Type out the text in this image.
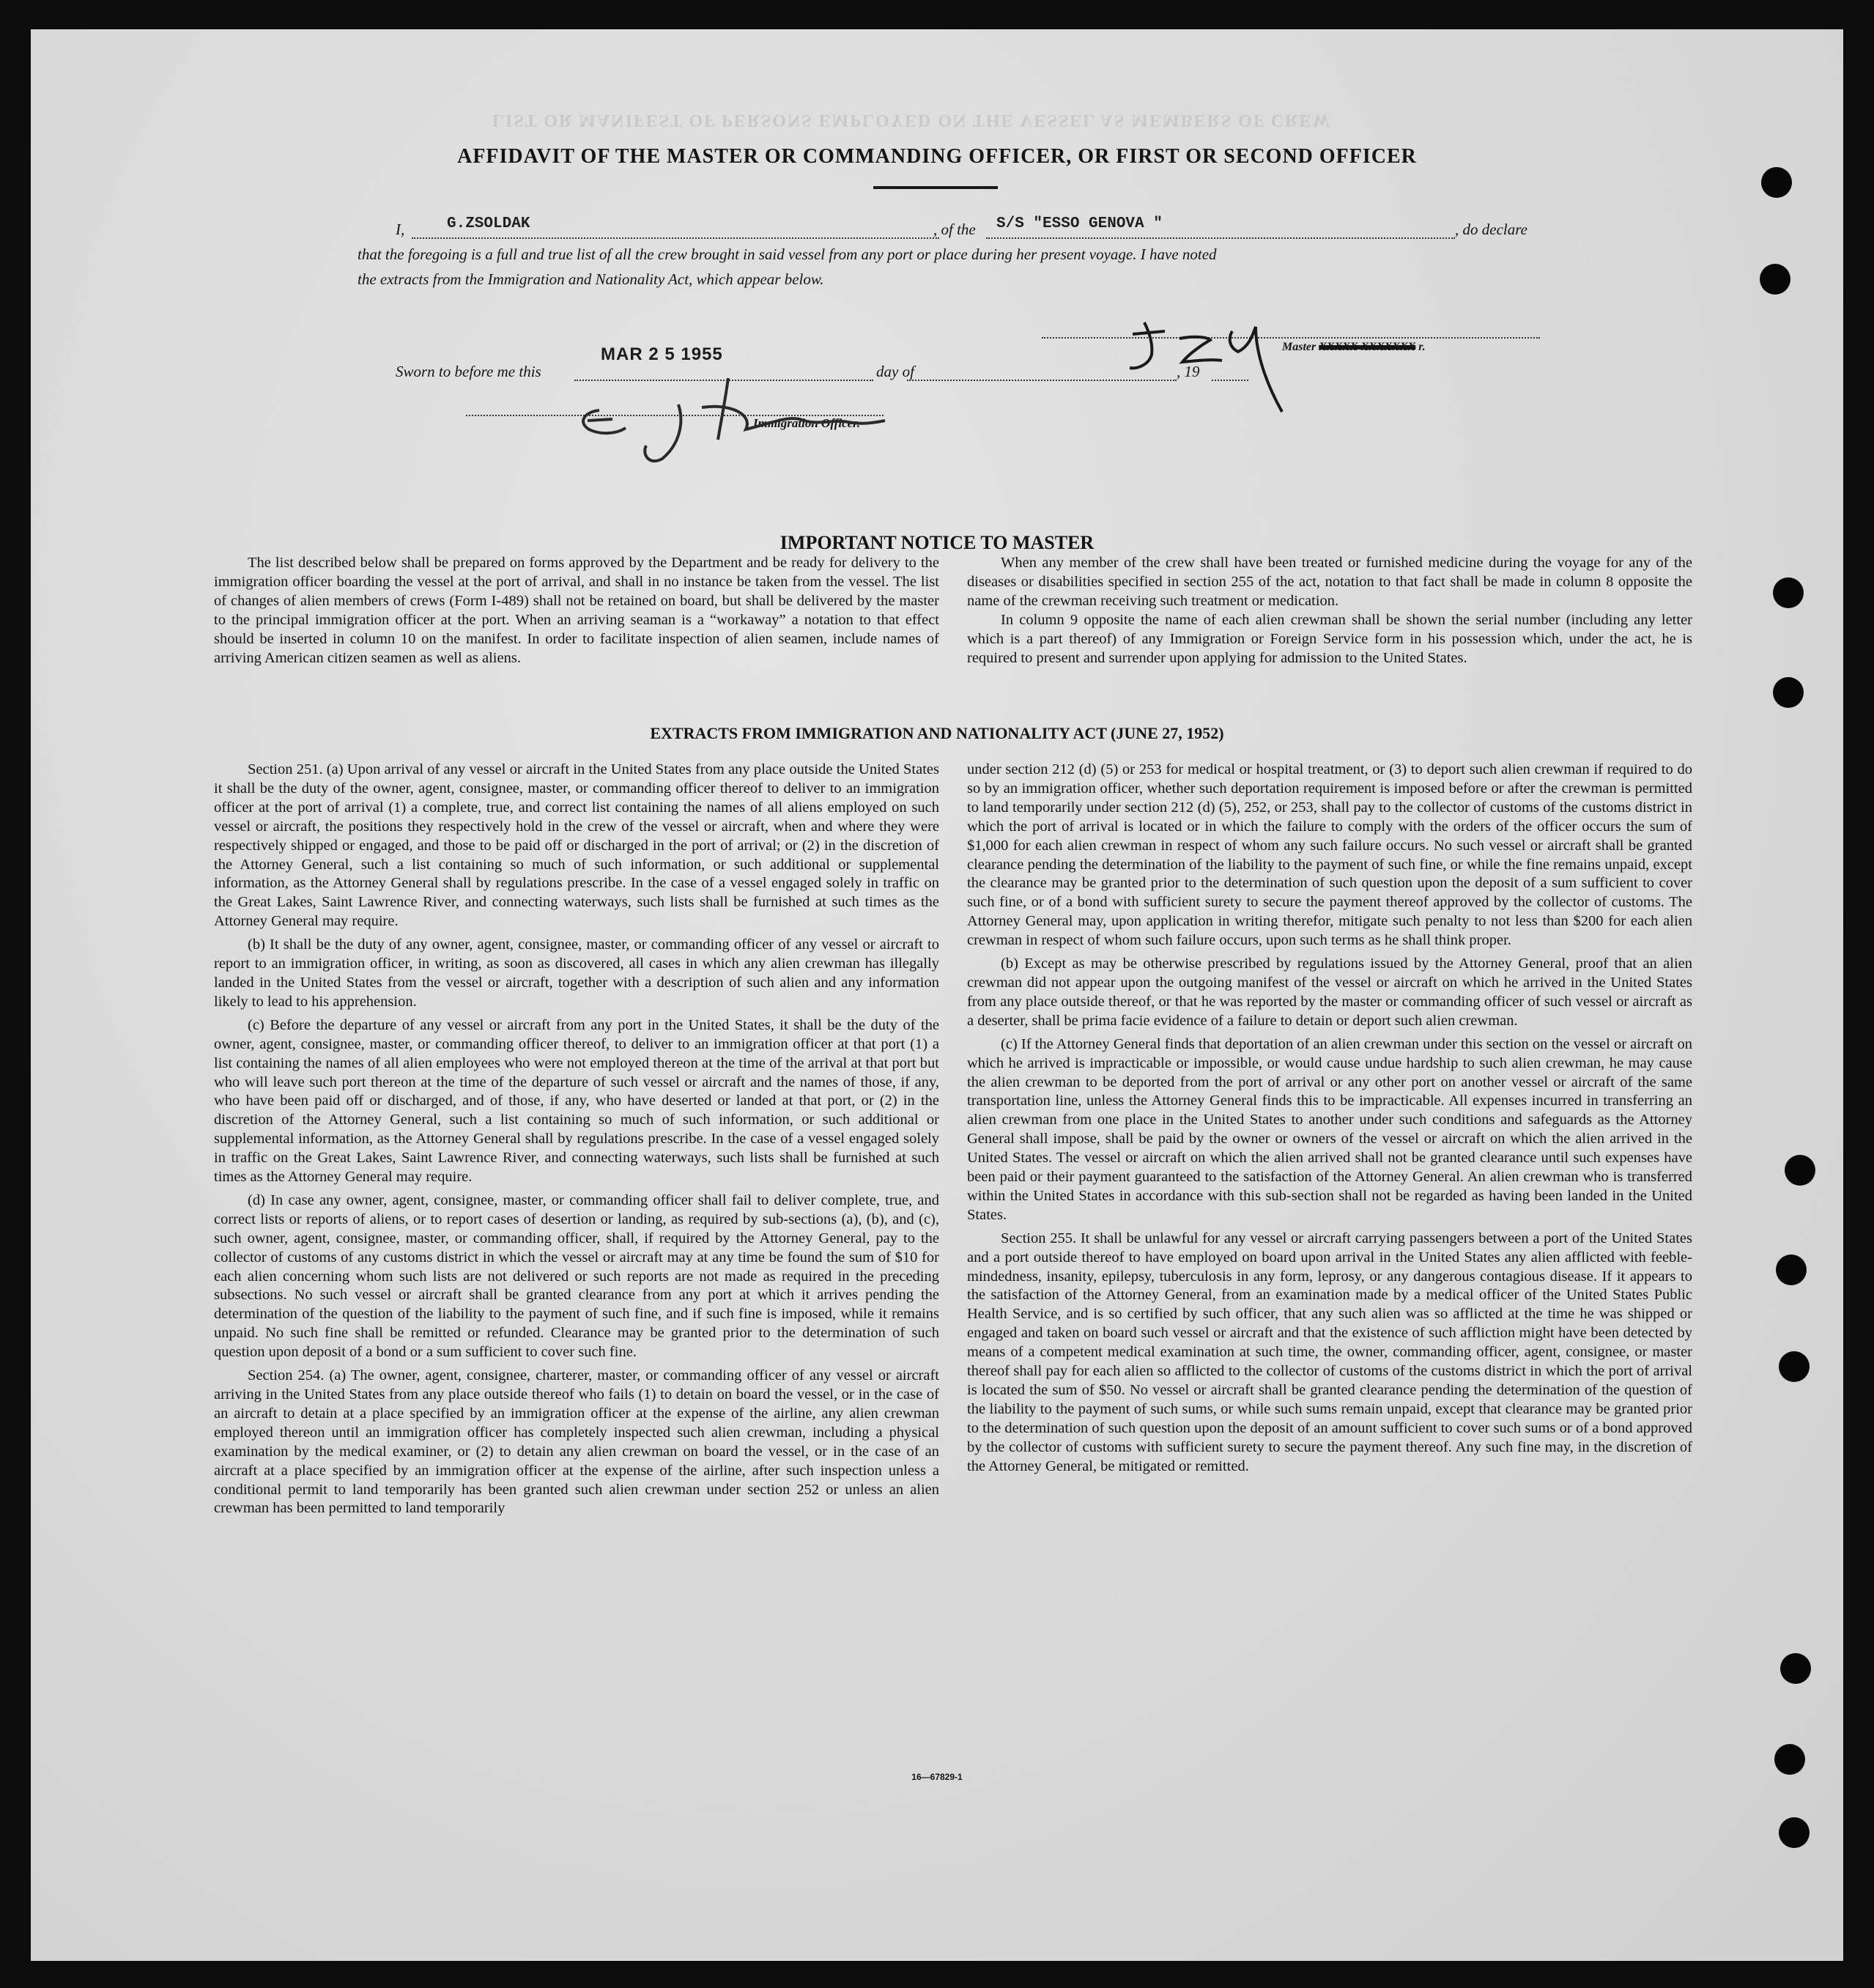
LIST OR MANIFEST OF PERSONS EMPLOYED ON THE VESSEL AS MEMBERS OF CREW
AFFIDAVIT OF THE MASTER OR COMMANDING OFFICER, OR FIRST OR SECOND OFFICER
I,	G.ZSOLDAK	, of the S/S "ESSO GENOVA "	, do declare
that the foregoing is a full and true list of all the crew brought in said vessel from any port or place during her present voyage. I have noted
the extracts from the Immigration and Nationality Act, which appear below.
MAR 2 5 1955
Sworn to before me this	day of	, 19
Master XXXXX XXXXXXX r.
Immigration Officer.
IMPORTANT NOTICE TO MASTER

The list described below shall be prepared on forms approved by the Department and be ready for delivery to the immigration officer boarding the vessel at the port of arrival, and shall in no instance be taken from the vessel. The list of changes of alien members of crews (Form I-489) shall not be retained on board, but shall be delivered by the master to the principal immigration officer at the port. When an arriving seaman is a “workaway” a notation to that effect should be inserted in column 10 on the manifest. In order to facilitate inspection of alien seamen, include names of arriving American citizen seamen as well as aliens.

When any member of the crew shall have been treated or furnished medicine during the voyage for any of the diseases or disabilities specified in section 255 of the act, notation to that fact shall be made in column 8 opposite the name of the crewman receiving such treatment or medication.

In column 9 opposite the name of each alien crewman shall be shown the serial number (including any letter which is a part thereof) of any Immigration or Foreign Service form in his possession which, under the act, he is required to present and surrender upon applying for admission to the United States.

EXTRACTS FROM IMMIGRATION AND NATIONALITY ACT (JUNE 27, 1952)

Section 251. (a) Upon arrival of any vessel or aircraft in the United States from any place outside the United States it shall be the duty of the owner, agent, consignee, master, or commanding officer thereof to deliver to an immigration officer at the port of arrival (1) a complete, true, and correct list containing the names of all aliens employed on such vessel or aircraft, the positions they respectively hold in the crew of the vessel or aircraft, when and where they were respectively shipped or engaged, and those to be paid off or discharged in the port of arrival; or (2) in the discretion of the Attorney General, such a list containing so much of such information, or such additional or supplemental information, as the Attorney General shall by regulations prescribe. In the case of a vessel engaged solely in traffic on the Great Lakes, Saint Lawrence River, and connecting waterways, such lists shall be furnished at such times as the Attorney General may require.

(b) It shall be the duty of any owner, agent, consignee, master, or commanding officer of any vessel or aircraft to report to an immigration officer, in writing, as soon as discovered, all cases in which any alien crewman has illegally landed in the United States from the vessel or aircraft, together with a description of such alien and any information likely to lead to his apprehension.

(c) Before the departure of any vessel or aircraft from any port in the United States, it shall be the duty of the owner, agent, consignee, master, or commanding officer thereof, to deliver to an immigration officer at that port (1) a list containing the names of all alien employees who were not employed thereon at the time of the arrival at that port but who will leave such port thereon at the time of the departure of such vessel or aircraft and the names of those, if any, who have been paid off or discharged, and of those, if any, who have deserted or landed at that port, or (2) in the discretion of the Attorney General, such a list containing so much of such information, or such additional or supplemental information, as the Attorney General shall by regulations prescribe. In the case of a vessel engaged solely in traffic on the Great Lakes, Saint Lawrence River, and connecting waterways, such lists shall be furnished at such times as the Attorney General may require.

(d) In case any owner, agent, consignee, master, or commanding officer shall fail to deliver complete, true, and correct lists or reports of aliens, or to report cases of desertion or landing, as required by sub-sections (a), (b), and (c), such owner, agent, consignee, master, or commanding officer, shall, if required by the Attorney General, pay to the collector of customs of any customs district in which the vessel or aircraft may at any time be found the sum of $10 for each alien concerning whom such lists are not delivered or such reports are not made as required in the preceding subsections. No such vessel or aircraft shall be granted clearance from any port at which it arrives pending the determination of the question of the liability to the payment of such fine, and if such fine is imposed, while it remains unpaid. No such fine shall be remitted or refunded. Clearance may be granted prior to the determination of such question upon deposit of a bond or a sum sufficient to cover such fine.

Section 254. (a) The owner, agent, consignee, charterer, master, or commanding officer of any vessel or aircraft arriving in the United States from any place outside thereof who fails (1) to detain on board the vessel, or in the case of an aircraft to detain at a place specified by an immigration officer at the expense of the airline, any alien crewman employed thereon until an immigration officer has completely inspected such alien crewman, including a physical examination by the medical examiner, or (2) to detain any alien crewman on board the vessel, or in the case of an aircraft at a place specified by an immigration officer at the expense of the airline, after such inspection unless a conditional permit to land temporarily has been granted such alien crewman under section 252 or unless an alien crewman has been permitted to land temporarily

under section 212 (d) (5) or 253 for medical or hospital treatment, or (3) to deport such alien crewman if required to do so by an immigration officer, whether such deportation requirement is imposed before or after the crewman is permitted to land temporarily under section 212 (d) (5), 252, or 253, shall pay to the collector of customs of the customs district in which the port of arrival is located or in which the failure to comply with the orders of the officer occurs the sum of $1,000 for each alien crewman in respect of whom any such failure occurs. No such vessel or aircraft shall be granted clearance pending the determination of the liability to the payment of such fine, or while the fine remains unpaid, except the clearance may be granted prior to the determination of such question upon the deposit of a sum sufficient to cover such fine, or of a bond with sufficient surety to secure the payment thereof approved by the collector of customs. The Attorney General may, upon application in writing therefor, mitigate such penalty to not less than $200 for each alien crewman in respect of whom such failure occurs, upon such terms as he shall think proper.

(b) Except as may be otherwise prescribed by regulations issued by the Attorney General, proof that an alien crewman did not appear upon the outgoing manifest of the vessel or aircraft on which he arrived in the United States from any place outside thereof, or that he was reported by the master or commanding officer of such vessel or aircraft as a deserter, shall be prima facie evidence of a failure to detain or deport such alien crewman.

(c) If the Attorney General finds that deportation of an alien crewman under this section on the vessel or aircraft on which he arrived is impracticable or impossible, or would cause undue hardship to such alien crewman, he may cause the alien crewman to be deported from the port of arrival or any other port on another vessel or aircraft of the same transportation line, unless the Attorney General finds this to be impracticable. All expenses incurred in transferring an alien crewman from one place in the United States to another under such conditions and safeguards as the Attorney General shall impose, shall be paid by the owner or owners of the vessel or aircraft on which the alien arrived in the United States. The vessel or aircraft on which the alien arrived shall not be granted clearance until such expenses have been paid or their payment guaranteed to the satisfaction of the Attorney General. An alien crewman who is transferred within the United States in accordance with this sub-section shall not be regarded as having been landed in the United States.

Section 255. It shall be unlawful for any vessel or aircraft carrying passengers between a port of the United States and a port outside thereof to have employed on board upon arrival in the United States any alien afflicted with feeble-mindedness, insanity, epilepsy, tuberculosis in any form, leprosy, or any dangerous contagious disease. If it appears to the satisfaction of the Attorney General, from an examination made by a medical officer of the United States Public Health Service, and is so certified by such officer, that any such alien was so afflicted at the time he was shipped or engaged and taken on board such vessel or aircraft and that the existence of such affliction might have been detected by means of a competent medical examination at such time, the owner, commanding officer, agent, consignee, or master thereof shall pay for each alien so afflicted to the collector of customs of the customs district in which the port of arrival is located the sum of $50. No vessel or aircraft shall be granted clearance pending the determination of the question of the liability to the payment of such sums, or while such sums remain unpaid, except that clearance may be granted prior to the determination of such question upon the deposit of an amount sufficient to cover such sums or of a bond approved by the collector of customs with sufficient surety to secure the payment thereof. Any such fine may, in the discretion of the Attorney General, be mitigated or remitted.

16—67829-1
